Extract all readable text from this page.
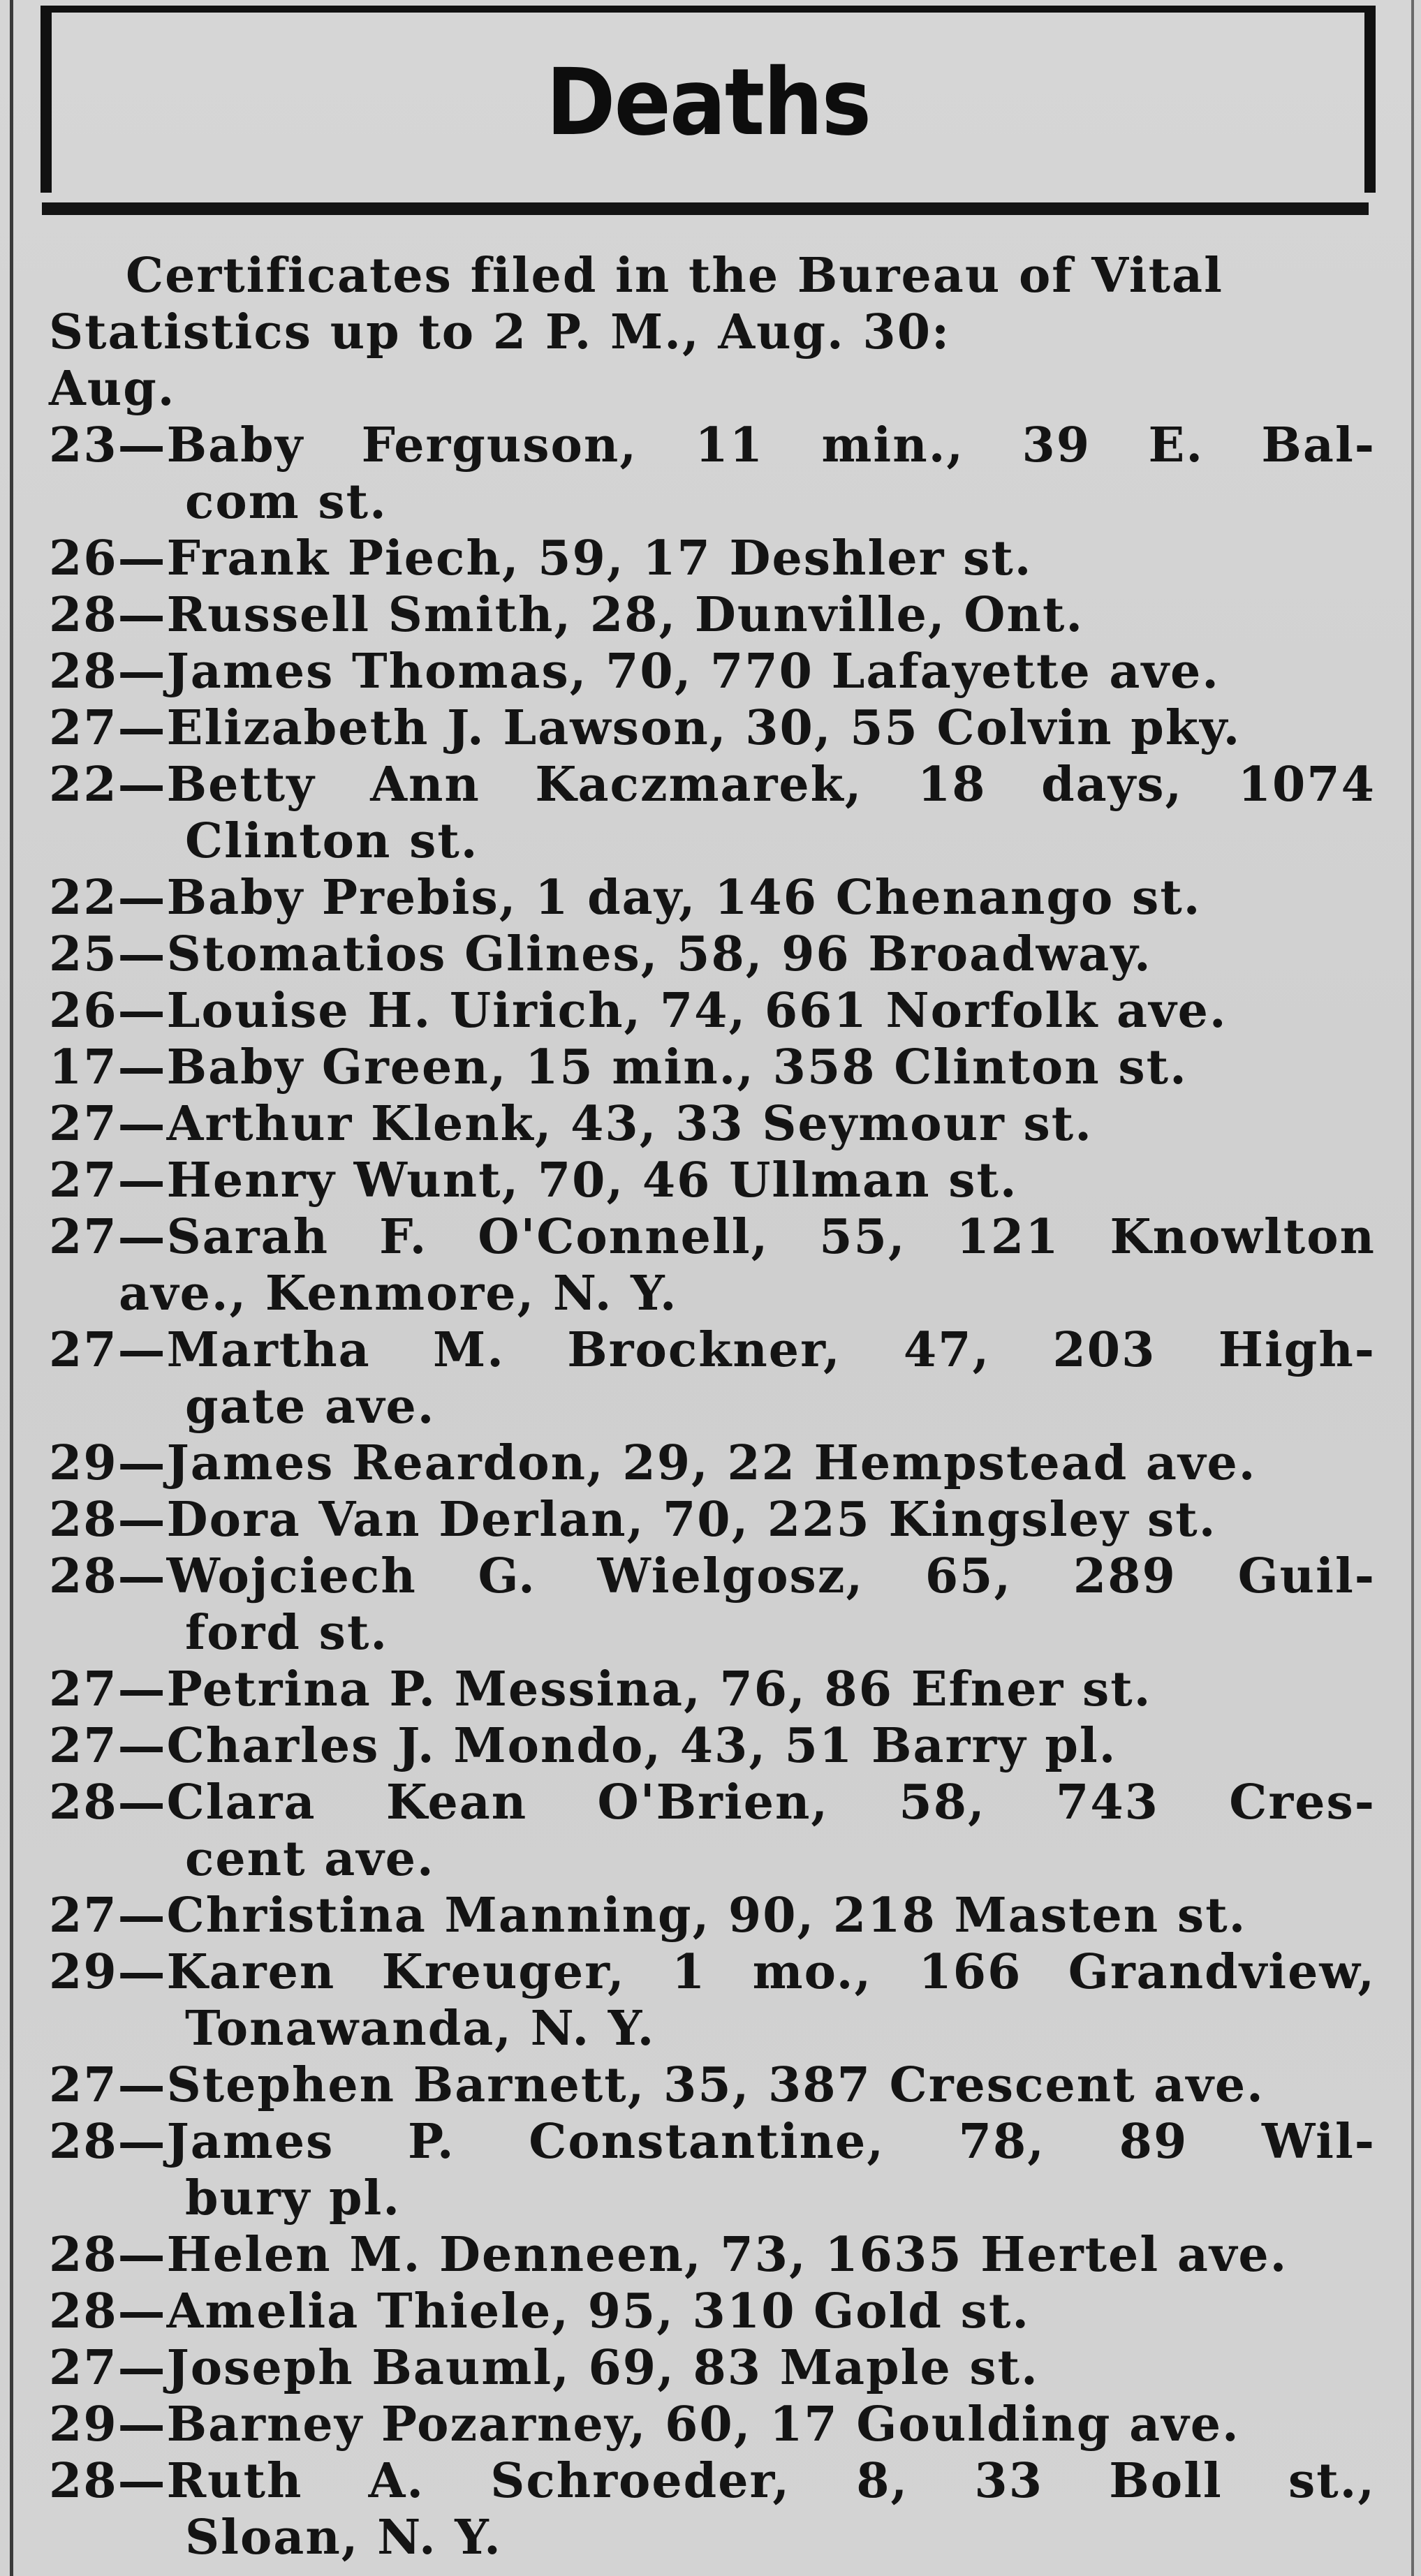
Deaths
Certificates filed in the Bureau of Vital
Statistics up to 2 P. M., Aug. 30:
Aug.
23—Baby Ferguson, 11 min., 39 E. Bal-
com st.
26—Frank Piech, 59, 17 Deshler st.
28—Russell Smith, 28, Dunville, Ont.
28—James Thomas, 70, 770 Lafayette ave.
27—Elizabeth J. Lawson, 30, 55 Colvin pky.
22—Betty Ann Kaczmarek, 18 days, 1074
Clinton st.
22—Baby Prebis, 1 day, 146 Chenango st.
25—Stomatios Glines, 58, 96 Broadway.
26—Louise H. Uirich, 74, 661 Norfolk ave.
17—Baby Green, 15 min., 358 Clinton st.
27—Arthur Klenk, 43, 33 Seymour st.
27—Henry Wunt, 70, 46 Ullman st.
27—Sarah F. O'Connell, 55, 121 Knowlton
ave., Kenmore, N. Y.
27—Martha M. Brockner, 47, 203 High-
gate ave.
29—James Reardon, 29, 22 Hempstead ave.
28—Dora Van Derlan, 70, 225 Kingsley st.
28—Wojciech G. Wielgosz, 65, 289 Guil-
ford st.
27—Petrina P. Messina, 76, 86 Efner st.
27—Charles J. Mondo, 43, 51 Barry pl.
28—Clara Kean O'Brien, 58, 743 Cres-
cent ave.
27—Christina Manning, 90, 218 Masten st.
29—Karen Kreuger, 1 mo., 166 Grandview,
Tonawanda, N. Y.
27—Stephen Barnett, 35, 387 Crescent ave.
28—James P. Constantine, 78, 89 Wil-
bury pl.
28—Helen M. Denneen, 73, 1635 Hertel ave.
28—Amelia Thiele, 95, 310 Gold st.
27—Joseph Bauml, 69, 83 Maple st.
29—Barney Pozarney, 60, 17 Goulding ave.
28—Ruth A. Schroeder, 8, 33 Boll st.,
Sloan, N. Y.
